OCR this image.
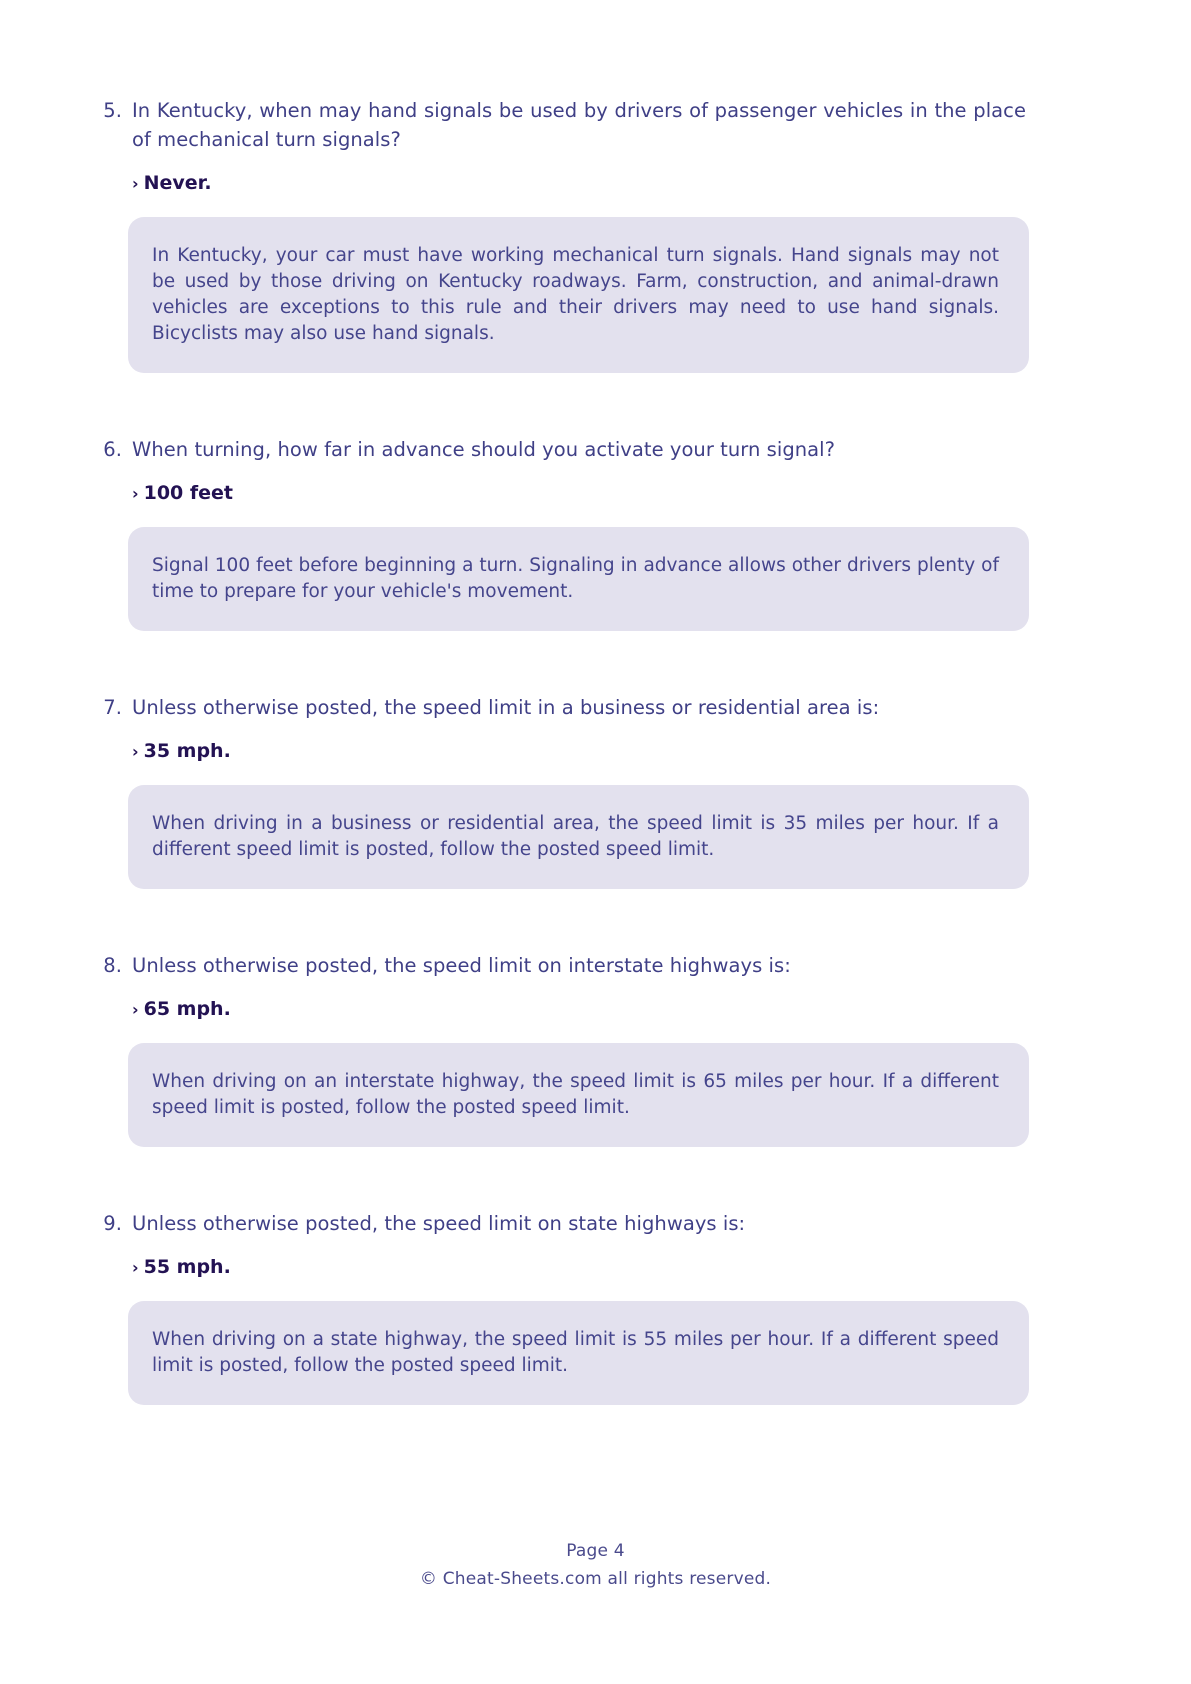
5. In Kentucky, when may hand signals be used by drivers of passenger vehicles in the place of mechanical turn signals?
› Never.
In Kentucky, your car must have working mechanical turn signals. Hand signals may not be used by those driving on Kentucky roadways. Farm, construction, and animal-drawn vehicles are exceptions to this rule and their drivers may need to use hand signals. Bicyclists may also use hand signals.
6. When turning, how far in advance should you activate your turn signal?
› 100 feet
Signal 100 feet before beginning a turn. Signaling in advance allows other drivers plenty of time to prepare for your vehicle's movement.
7. Unless otherwise posted, the speed limit in a business or residential area is:
› 35 mph.
When driving in a business or residential area, the speed limit is 35 miles per hour. If a different speed limit is posted, follow the posted speed limit.
8. Unless otherwise posted, the speed limit on interstate highways is:
› 65 mph.
When driving on an interstate highway, the speed limit is 65 miles per hour. If a different speed limit is posted, follow the posted speed limit.
9. Unless otherwise posted, the speed limit on state highways is:
› 55 mph.
When driving on a state highway, the speed limit is 55 miles per hour. If a different speed limit is posted, follow the posted speed limit.
Page 4
© Cheat-Sheets.com all rights reserved.
